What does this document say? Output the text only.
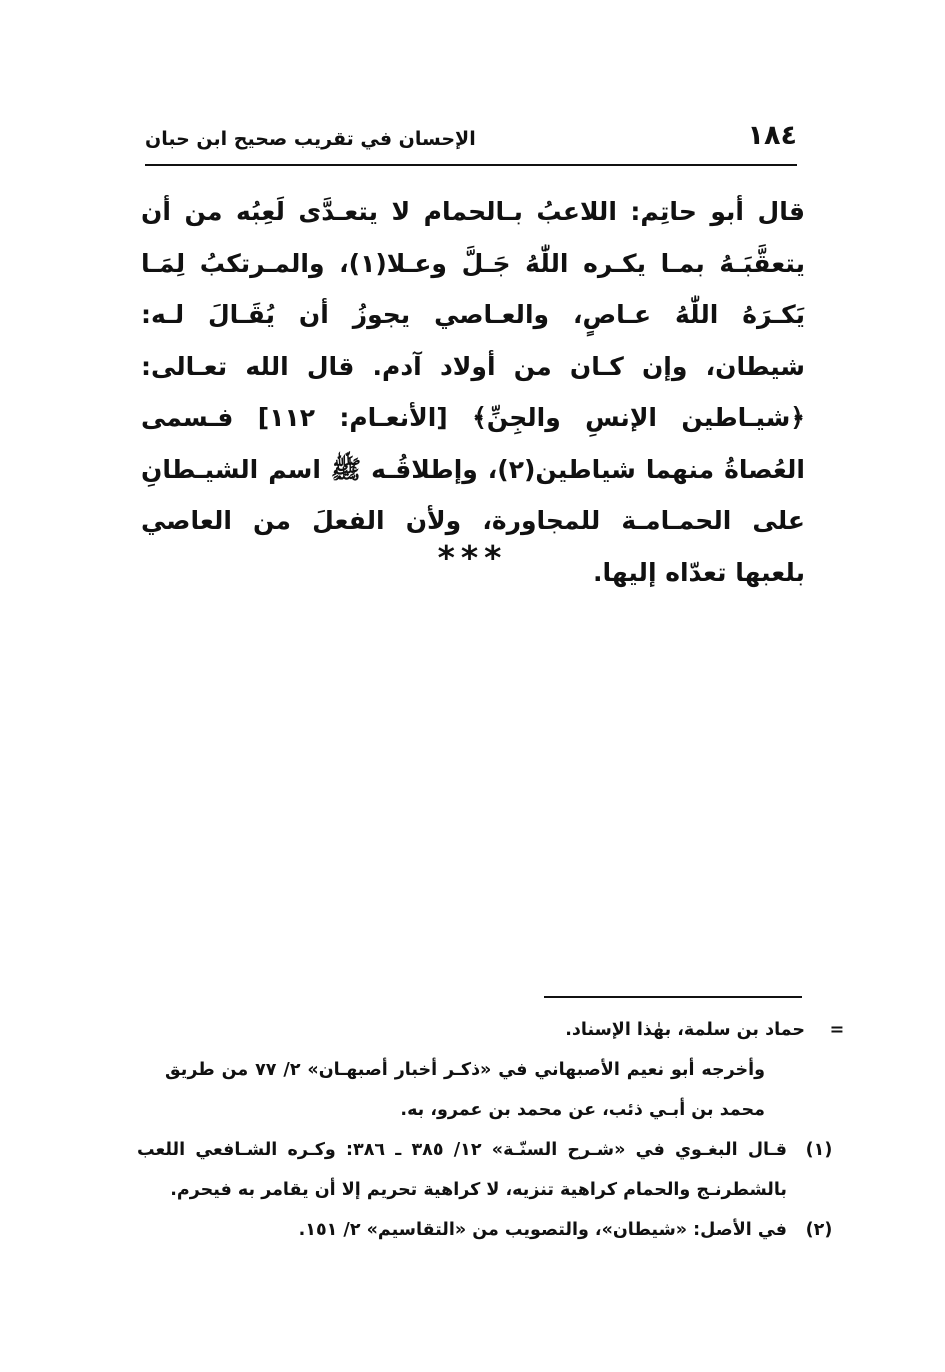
١٨٤
الإحسان في تقريب صحيح ابن حبان

قال أبو حاتِم: اللاعبُ بـالحمام لا يتعـدَّى لَعِبُه من أن يتعقَّبَـهُ بمـا يكـره اللّٰهُ جَـلَّ وعـلا(١)، والمـرتكبُ لِمَـا يَكـرَهُ اللّٰهُ عـاصٍ، والعـاصي يجوزُ أن يُقَـالَ لـه: شيطان، وإن كـان من أولاد آدم. قال الله تعـالى: ﴿شيـاطين الإنسِ والجِنِّ﴾ [الأنعـام: ١١٢] فـسمى العُصاةُ منهما شياطين(٢)، وإطلاقُـه ﷺ اسم الشيـطانِ على الحمـامـة للمجاورة، ولأن الفعلَ من العاصي بلعبها تعدّاه إليها.

***
=

حماد بن سلمة، بهٰذا الإسناد.

وأخرجه أبو نعيم الأصبهاني في «ذكـر أخبار أصبهـان» ٢/ ٧٧ من طريق محمد بن أبـي ذئب، عن محمد بن عمرو، به.

(١)

قـال البغـوي في «شـرح السنّـة» ١٢/ ٣٨٥ ـ ٣٨٦: وكـره الشـافعي اللعب بالشطرنـج والحمام كراهية تنزيه، لا كراهية تحريم إلا أن يقامر به فيحرم.

(٢)

في الأصل: «شيطان»، والتصويب من «التقاسيم» ٢/ ١٥١.
